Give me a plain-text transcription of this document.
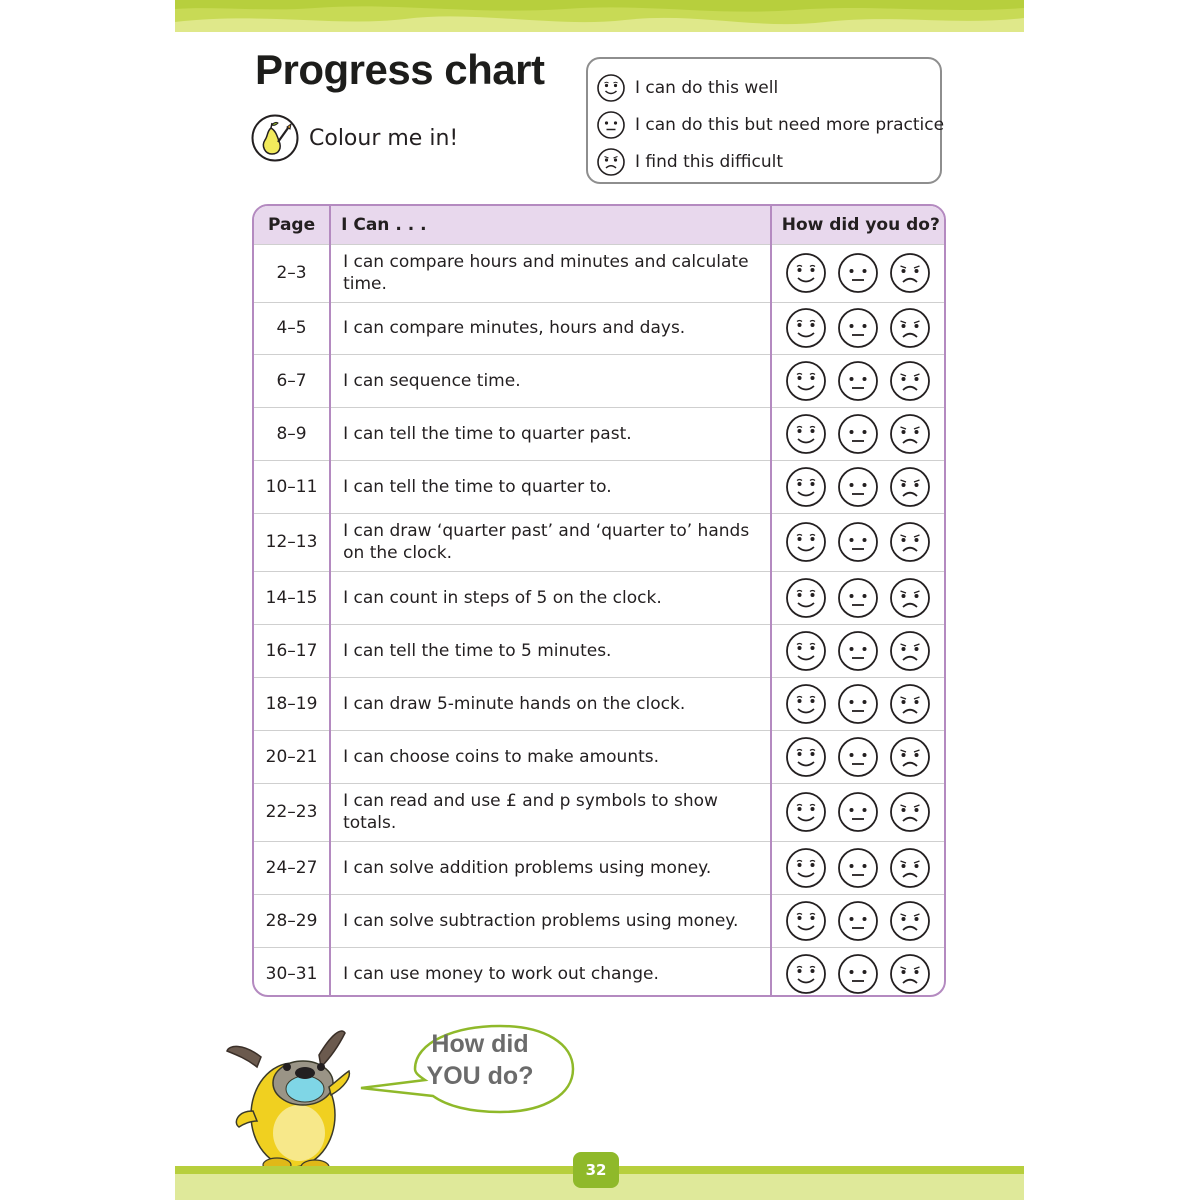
Progress chart
Colour me in!
I can do this well
I can do this but need more practice
I find this difficult
Page	I Can . . .	How did you do?
2–3	I can compare hours and minutes and calculate time.	

4–5	I can compare minutes, hours and days.	

6–7	I can sequence time.	

8–9	I can tell the time to quarter past.	

10–11	I can tell the time to quarter to.	

12–13	I can draw ‘quarter past’ and ‘quarter to’ hands on the clock.	

14–15	I can count in steps of 5 on the clock.	

16–17	I can tell the time to 5 minutes.	

18–19	I can draw 5-minute hands on the clock.	

20–21	I can choose coins to make amounts.	

22–23	I can read and use £ and p symbols to show totals.	

24–27	I can solve addition problems using money.	

28–29	I can solve subtraction problems using money.	

30–31	I can use money to work out change.	
How did
YOU do?
32
